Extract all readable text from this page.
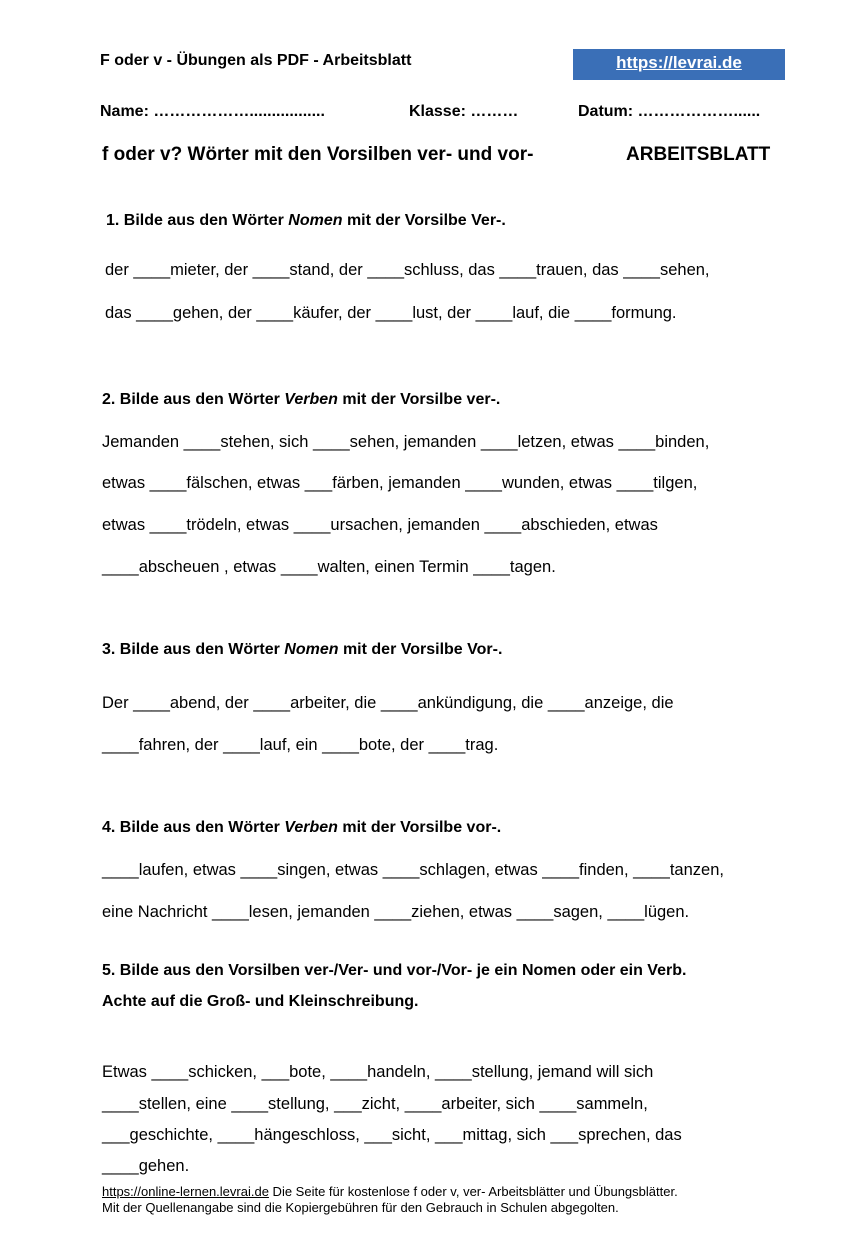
F oder v - Übungen als PDF - Arbeitsblatt	https://levrai.de
Name: ……………….................	Klasse: ………	Datum: ………………......
f oder v? Wörter mit den Vorsilben ver- und vor-	ARBEITSBLATT
1. Bilde aus den Wörter Nomen mit der Vorsilbe Ver-.
der ____mieter, der ____stand, der ____schluss, das ____trauen, das ____sehen,
das ____gehen, der ____käufer, der ____lust, der ____lauf, die ____formung.
2. Bilde aus den Wörter Verben mit der Vorsilbe ver-.
Jemanden ____stehen, sich ____sehen, jemanden ____letzen, etwas ____binden,
etwas ____fälschen, etwas ___färben, jemanden ____wunden, etwas ____tilgen,
etwas ____trödeln, etwas ____ursachen, jemanden ____abschieden, etwas
____abscheuen , etwas ____walten, einen Termin ____tagen.
3. Bilde aus den Wörter Nomen mit der Vorsilbe Vor-.
Der ____abend, der ____arbeiter, die ____ankündigung, die ____anzeige, die
____fahren, der ____lauf, ein ____bote, der ____trag.
4. Bilde aus den Wörter Verben mit der Vorsilbe vor-.
____laufen, etwas ____singen, etwas ____schlagen, etwas ____finden, ____tanzen,
eine Nachricht ____lesen, jemanden ____ziehen, etwas ____sagen, ____lügen.
5. Bilde aus den Vorsilben ver-/Ver- und vor-/Vor- je ein Nomen oder ein Verb.
Achte auf die Groß- und Kleinschreibung.
Etwas ____schicken, ___bote, ____handeln, ____stellung, jemand will sich
____stellen, eine ____stellung, ___zicht, ____arbeiter, sich ____sammeln,
___geschichte, ____hängeschloss, ___sicht, ___mittag, sich ___sprechen, das
____gehen.
https://online-lernen.levrai.de Die Seite für kostenlose f oder v, ver- Arbeitsblätter und Übungsblätter.
Mit der Quellenangabe sind die Kopiergebühren für den Gebrauch in Schulen abgegolten.
